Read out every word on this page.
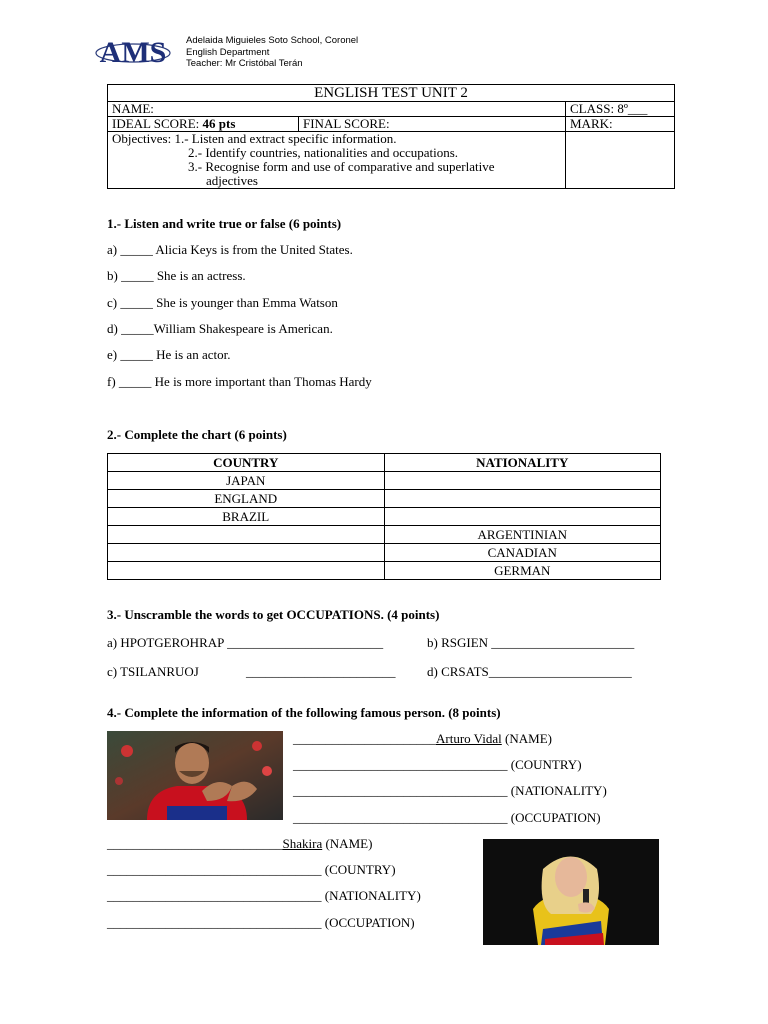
AMS Adelaida Miguieles Soto School, Coronel
English Department
Teacher: Mr Cristóbal Terán
ENGLISH TEST UNIT 2		
NAME:		CLASS: 8º___
IDEAL SCORE: 46 pts	FINAL SCORE:	MARK:

Objectives: 1.- Listen and extract specific information.
2.- Identify countries, nationalities and occupations.
3.- Recognise form and use of comparative and superlative
adjectives		

1.- Listen and write true or false (6 points)
a) _____ Alicia Keys is from the United States.
b) _____ She is an actress.
c) _____ She is younger than Emma Watson
d) _____William Shakespeare is American.
e) _____ He is an actor.
f) _____ He is more important than Thomas Hardy
2.- Complete the chart (6 points)
COUNTRY	NATIONALITY
JAPAN	
ENGLAND	
BRAZIL	
	ARGENTINIAN
	CANADIAN
	GERMAN
3.- Unscramble the words to get OCCUPATIONS. (4 points)
a) HPOTGEROHRAP ________________________	b) RSGIEN ______________________
c) TSILANRUOJ	_______________________ d) CRSATS______________________
4.- Complete the information of the following famous person. (8 points)
______________________Arturo Vidal (NAME)
_________________________________ (COUNTRY)
_________________________________ (NATIONALITY)
_________________________________ (OCCUPATION)
___________________________Shakira (NAME)
_________________________________ (COUNTRY)
_________________________________ (NATIONALITY)
_________________________________ (OCCUPATION)
